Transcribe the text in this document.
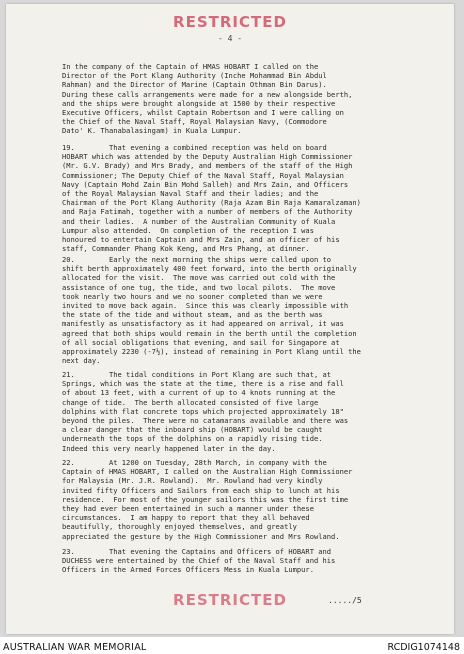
RESTRICTED
- 4 -
In the company of the Captain of HMAS HOBART I called on the
Director of the Port Klang Authority (Inche Mohammad Bin Abdul
Rahman) and the Director of Marine (Captain Othman Bin Darus).
During these calls arrangements were made for a new alongside berth,
and the ships were brought alongside at 1500 by their respective
Executive Officers, whilst Captain Robertson and I were calling on
the Chief of the Naval Staff, Royal Malaysian Navy, (Commodore
Dato' K. Thanabalasingam) in Kuala Lumpur.
19.        That evening a combined reception was held on board
HOBART which was attended by the Deputy Australian High Commissioner
(Mr. G.V. Brady) and Mrs Brady, and members of the staff of the High
Commissioner; The Deputy Chief of the Naval Staff, Royal Malaysian
Navy (Captain Mohd Zain Bin Mohd Salleh) and Mrs Zain, and Officers
of the Royal Malaysian Naval Staff and their ladies; and the
Chairman of the Port Klang Authority (Raja Azam Bin Raja Kamaralzaman)
and Raja Fatimah, together with a number of members of the Authority
and their ladies.  A number of the Australian Community of Kuala
Lumpur also attended.  On completion of the reception I was
honoured to entertain Captain and Mrs Zain, and an officer of his
staff, Commander Phang Kok Keng, and Mrs Phang, at dinner.
20.        Early the next morning the ships were called upon to
shift berth approximately 400 feet forward, into the berth originally
allocated for the visit.  The move was carried out cold with the
assistance of one tug, the tide, and two local pilots.  The move
took nearly two hours and we no sooner completed than we were
invited to move back again.  Since this was clearly impossible with
the state of the tide and without steam, and as the berth was
manifestly as unsatisfactory as it had appeared on arrival, it was
agreed that both ships would remain in the berth until the completion
of all social obligations that evening, and sail for Singapore at
approximately 2230 (-7½), instead of remaining in Port Klang until the
next day.
21.        The tidal conditions in Port Klang are such that, at
Springs, which was the state at the time, there is a rise and fall
of about 13 feet, with a current of up to 4 knots running at the
change of tide.  The berth allocated consisted of five large
dolphins with flat concrete tops which projected approximately 18"
beyond the piles.  There were no catamarans available and there was
a clear danger that the inboard ship (HOBART) would be caught
underneath the tops of the dolphins on a rapidly rising tide.
Indeed this very nearly happened later in the day.
22.        At 1200 on Tuesday, 28th March, in company with the
Captain of HMAS HOBART, I called on the Australian High Commissioner
for Malaysia (Mr. J.R. Rowland).  Mr. Rowland had very kindly
invited fifty Officers and Sailors from each ship to lunch at his
residence.  For most of the younger sailors this was the first time
they had ever been entertained in such a manner under these
circumstances.  I am happy to report that they all behaved
beautifully, thoroughly enjoyed themselves, and greatly
appreciated the gesture by the High Commissioner and Mrs Rowland.
23.        That evening the Captains and Officers of HOBART and
DUCHESS were entertained by the Chief of the Naval Staff and his
Officers in the Armed Forces Officers Mess in Kuala Lumpur.
RESTRICTED	...../5
AUSTRALIAN WAR MEMORIAL	RCDIG1074148
